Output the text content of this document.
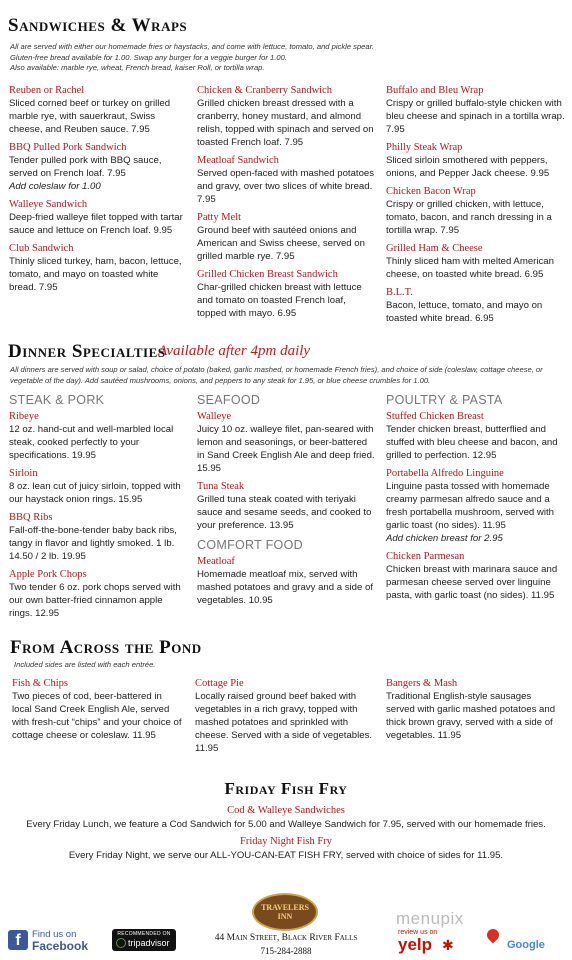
Sandwiches & Wraps
All are served with either our homemade fries or haystacks, and come with lettuce, tomato, and pickle spear.
Gluten-free bread available for 1.00. Swap any burger for a veggie burger for 1.00.
Also available: marble rye, wheat, French bread, kaiser Roll, or tortilla wrap.
Reuben or Rachel
Sliced corned beef or turkey on grilled marble rye, with sauerkraut, Swiss cheese, and Reuben sauce. 7.95
BBQ Pulled Pork Sandwich
Tender pulled pork with BBQ sauce, served on French loaf. 7.95
Add coleslaw for 1.00
Walleye Sandwich
Deep-fried walleye filet topped with tartar sauce and lettuce on French loaf. 9.95
Club Sandwich
Thinly sliced turkey, ham, bacon, lettuce, tomato, and mayo on toasted white bread. 7.95
Chicken & Cranberry Sandwich
Grilled chicken breast dressed with a cranberry, honey mustard, and almond relish, topped with spinach and served on toasted French loaf. 7.95
Meatloaf Sandwich
Served open-faced with mashed potatoes and gravy, over two slices of white bread. 7.95
Patty Melt
Ground beef with sautéed onions and American and Swiss cheese, served on grilled marble rye. 7.95
Grilled Chicken Breast Sandwich
Char-grilled chicken breast with lettuce and tomato on toasted French loaf, topped with mayo. 6.95
Buffalo and Bleu Wrap
Crispy or grilled buffalo-style chicken with bleu cheese and spinach in a tortilla wrap. 7.95
Philly Steak Wrap
Sliced sirloin smothered with peppers, onions, and Pepper Jack cheese. 9.95
Chicken Bacon Wrap
Crispy or grilled chicken, with lettuce, tomato, bacon, and ranch dressing in a tortilla wrap. 7.95
Grilled Ham & Cheese
Thinly sliced ham with melted American cheese, on toasted white bread. 6.95
B.L.T.
Bacon, lettuce, tomato, and mayo on toasted white bread. 6.95
Dinner Specialties
Available after 4pm daily
All dinners are served with soup or salad, choice of potato (baked, garlic mashed, or homemade French fries), and choice of side (coleslaw, cottage cheese, or vegetable of the day). Add sautéed mushrooms, onions, and peppers to any steak for 1.95, or blue cheese crumbles for 1.00.
STEAK & PORK
Ribeye
12 oz. hand-cut and well-marbled local steak, cooked perfectly to your specifications. 19.95
Sirloin
8 oz. lean cut of juicy sirloin, topped with our haystack onion rings. 15.95
BBQ Ribs
Fall-off-the-bone-tender baby back ribs, tangy in flavor and lightly smoked. 1 lb. 14.50 / 2 lb. 19.95
Apple Pork Chops
Two tender 6 oz. pork chops served with our own batter-fried cinnamon apple rings. 12.95
SEAFOOD
Walleye
Juicy 10 oz. walleye filet, pan-seared with lemon and seasonings, or beer-battered in Sand Creek English Ale and deep fried. 15.95
Tuna Steak
Grilled tuna steak coated with teriyaki sauce and sesame seeds, and cooked to your preference. 13.95
COMFORT FOOD
Meatloaf
Homemade meatloaf mix, served with mashed potatoes and gravy and a side of vegetables. 10.95
POULTRY & PASTA
Stuffed Chicken Breast
Tender chicken breast, butterflied and stuffed with bleu cheese and bacon, and grilled to perfection. 12.95
Portabella Alfredo Linguine
Linguine pasta tossed with homemade creamy parmesan alfredo sauce and a fresh portabella mushroom, served with garlic toast (no sides). 11.95
Add chicken breast for 2.95
Chicken Parmesan
Chicken breast with marinara sauce and parmesan cheese served over linguine pasta, with garlic toast (no sides). 11.95
From Across the Pond
Included sides are listed with each entrée.
Fish & Chips
Two pieces of cod, beer-battered in local Sand Creek English Ale, served with fresh-cut “chips” and your choice of cottage cheese or coleslaw. 11.95
Cottage Pie
Locally raised ground beef baked with vegetables in a rich gravy, topped with mashed potatoes and sprinkled with cheese. Served with a side of vegetables. 11.95
Bangers & Mash
Traditional English-style sausages served with garlic mashed potatoes and thick brown gravy, served with a side of vegetables. 11.95
Friday Fish Fry
Cod & Walleye Sandwiches
Every Friday Lunch, we feature a Cod Sandwich for 5.00 and Walleye Sandwich for 7.95, served with our homemade fries.
Friday Night Fish Fry
Every Friday Night, we serve our ALL-YOU-CAN-EAT FISH FRY, served with choice of sides for 11.95.
f	Find us on
Facebook
RECOMMENDED ON
tripadvisor
TRAVELERS
INN
44 Main Street, Black River Falls
715-284-2888
menupix
review us on
yelp ✱	Google
